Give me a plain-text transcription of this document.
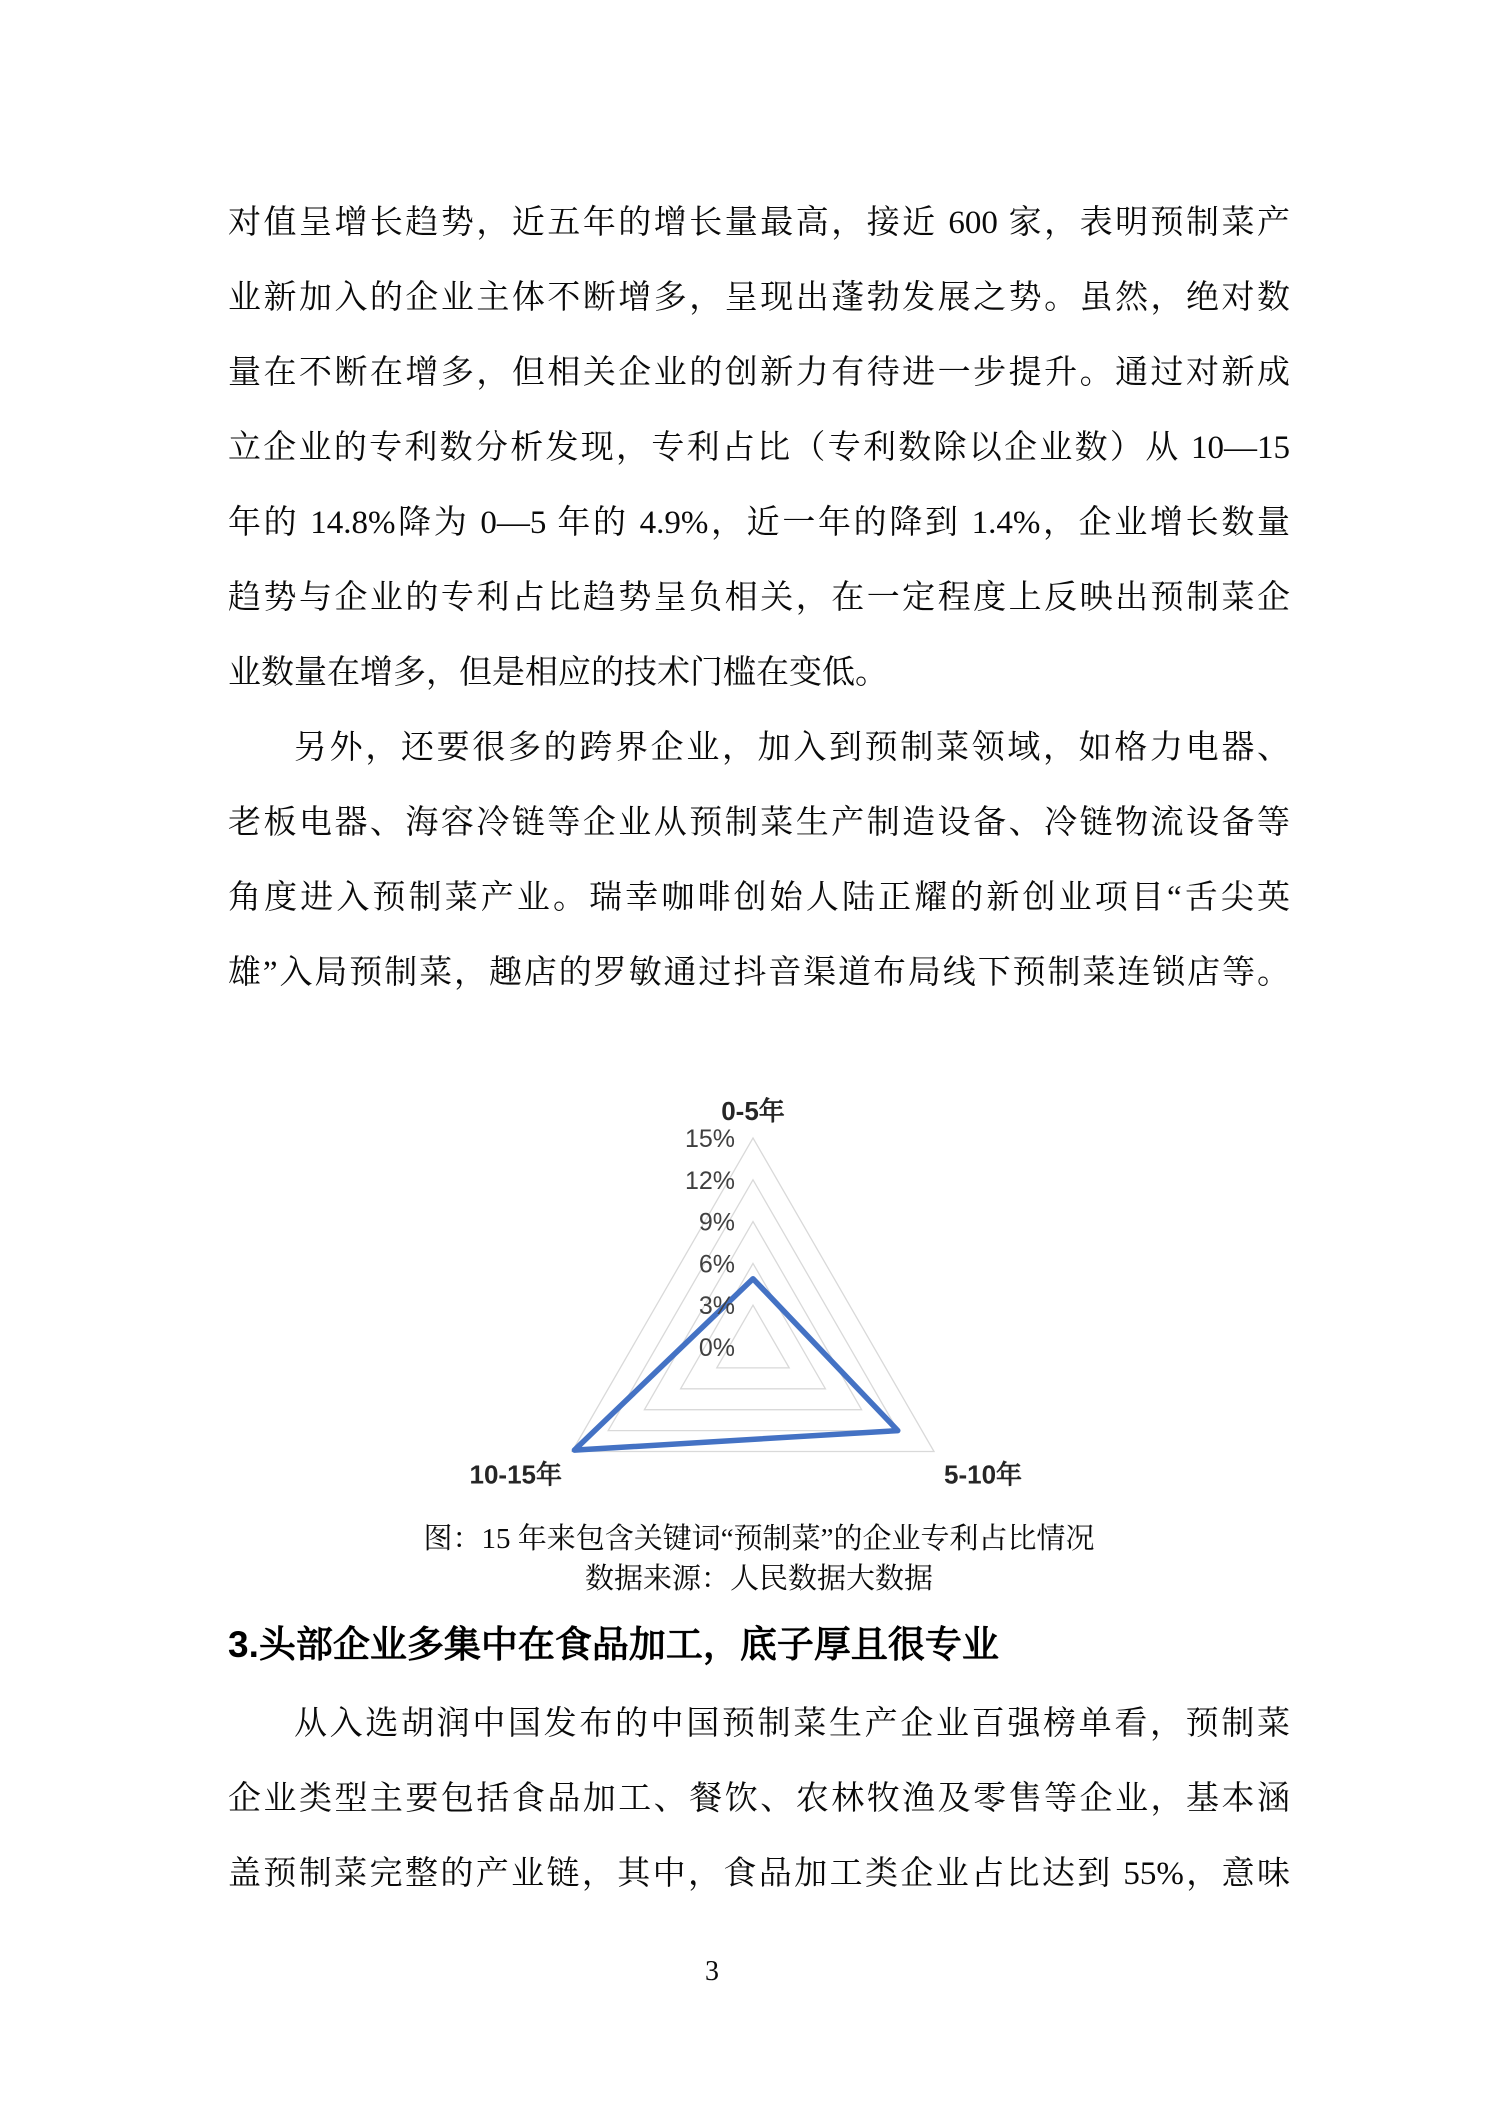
对值呈增长趋势，近五年的增长量最高，接近 600 家，表明预制菜产
业新加入的企业主体不断增多，呈现出蓬勃发展之势。虽然，绝对数
量在不断在增多，但相关企业的创新力有待进一步提升。通过对新成
立企业的专利数分析发现，专利占比（专利数除以企业数）从 10—15
年的 14.8%降为 0—5 年的 4.9%，近一年的降到 1.4%，企业增长数量
趋势与企业的专利占比趋势呈负相关，在一定程度上反映出预制菜企
业数量在增多，但是相应的技术门槛在变低。
另外，还要很多的跨界企业，加入到预制菜领域，如格力电器、
老板电器、海容冷链等企业从预制菜生产制造设备、冷链物流设备等
角度进入预制菜产业。瑞幸咖啡创始人陆正耀的新创业项目“舌尖英
雄”入局预制菜，趣店的罗敏通过抖音渠道布局线下预制菜连锁店等。
0%
3%
6%
9%
12%
15%
0-5年
5-10年
10-15年
图：15 年来包含关键词“预制菜”的企业专利占比情况
数据来源：人民数据大数据
3.头部企业多集中在食品加工，底子厚且很专业
从入选胡润中国发布的中国预制菜生产企业百强榜单看，预制菜
企业类型主要包括食品加工、餐饮、农林牧渔及零售等企业，基本涵
盖预制菜完整的产业链，其中，食品加工类企业占比达到 55%，意味
3
